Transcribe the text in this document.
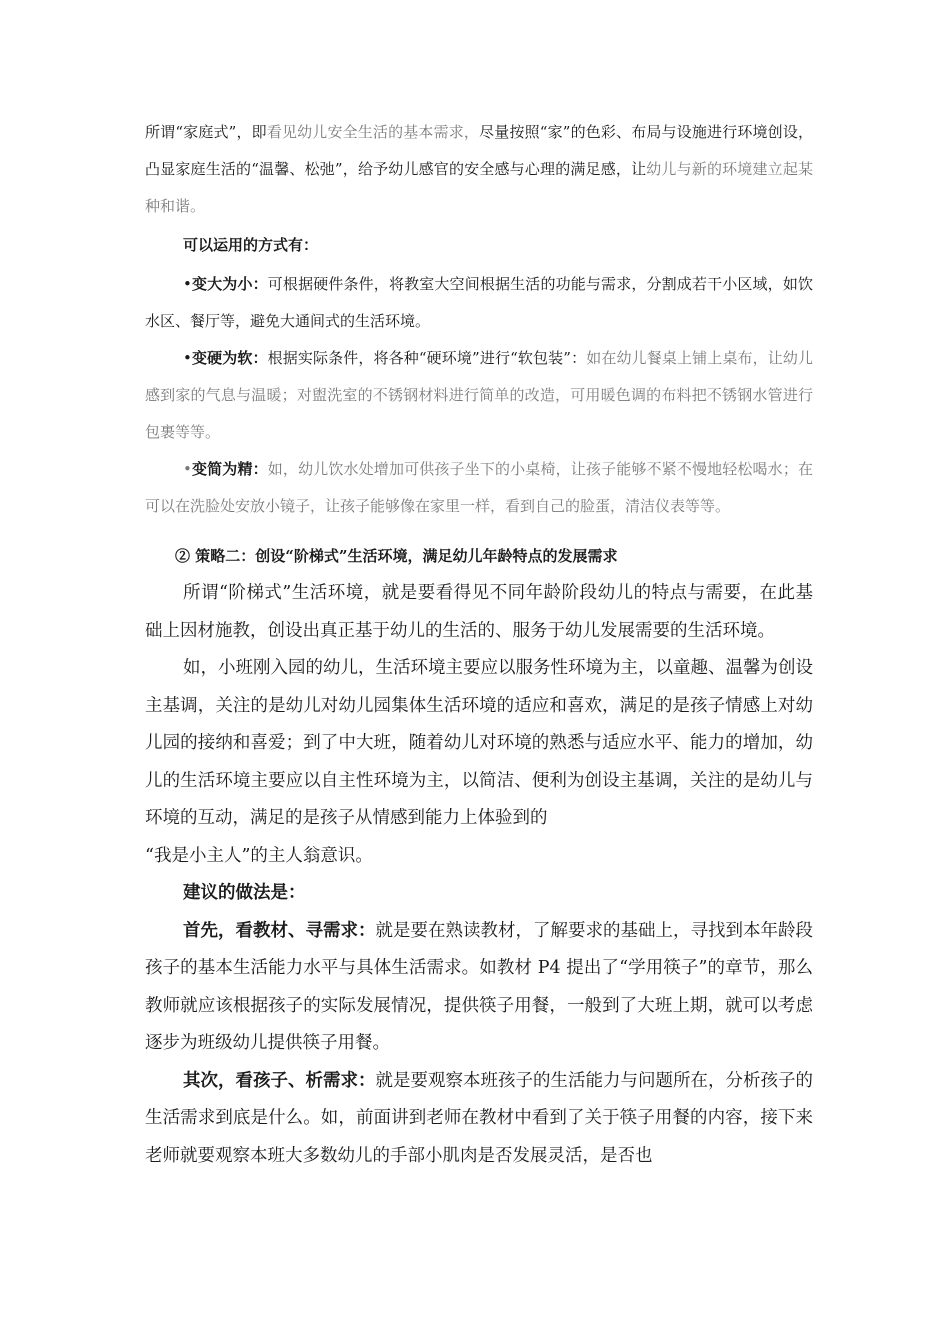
所谓“家庭式”，即看见幼儿安全生活的基本需求，尽量按照“家”的色彩、布局与设施进行环境创设，凸显家庭生活的“温馨、松弛”，给予幼儿感官的安全感与心理的满足感，让幼儿与新的环境建立起某种和谐。

可以运用的方式有：

•变大为小：可根据硬件条件，将教室大空间根据生活的功能与需求，分割成若干小区域，如饮水区、餐厅等，避免大通间式的生活环境。

•变硬为软：根据实际条件，将各种“硬环境”进行“软包装”：如在幼儿餐桌上铺上桌布，让幼儿感到家的气息与温暖；对盥洗室的不锈钢材料进行简单的改造，可用暖色调的布料把不锈钢水管进行包裹等等。

•变简为精：如，幼儿饮水处增加可供孩子坐下的小桌椅，让孩子能够不紧不慢地轻松喝水；在可以在洗脸处安放小镜子，让孩子能够像在家里一样，看到自己的脸蛋，清洁仪表等等。

② 策略二：创设“阶梯式”生活环境，满足幼儿年龄特点的发展需求

所谓“阶梯式”生活环境，就是要看得见不同年龄阶段幼儿的特点与需要，在此基础上因材施教，创设出真正基于幼儿的生活的、服务于幼儿发展需要的生活环境。

如，小班刚入园的幼儿，生活环境主要应以服务性环境为主，以童趣、温馨为创设主基调，关注的是幼儿对幼儿园集体生活环境的适应和喜欢，满足的是孩子情感上对幼儿园的接纳和喜爱；到了中大班，随着幼儿对环境的熟悉与适应水平、能力的增加，幼儿的生活环境主要应以自主性环境为主，以简洁、便利为创设主基调，关注的是幼儿与环境的互动，满足的是孩子从情感到能力上体验到的
“我是小主人”的主人翁意识。

建议的做法是：

首先，看教材、寻需求：就是要在熟读教材，了解要求的基础上，寻找到本年龄段孩子的基本生活能力水平与具体生活需求。如教材 P4 提出了“学用筷子”的章节，那么教师就应该根据孩子的实际发展情况，提供筷子用餐，一般到了大班上期，就可以考虑逐步为班级幼儿提供筷子用餐。

其次，看孩子、析需求：就是要观察本班孩子的生活能力与问题所在，分析孩子的生活需求到底是什么。如，前面讲到老师在教材中看到了关于筷子用餐的内容，接下来老师就要观察本班大多数幼儿的手部小肌肉是否发展灵活，是否也
